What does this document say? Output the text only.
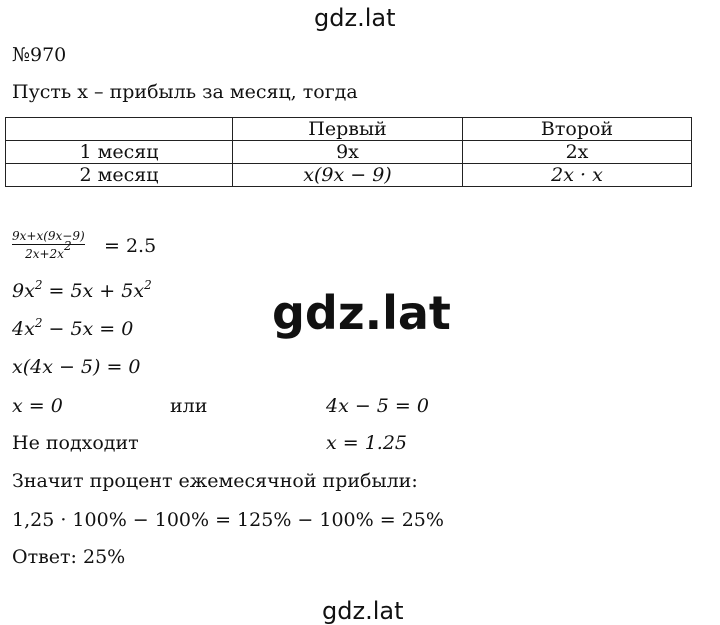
gdz.lat
№970
Пусть x – прибыль за месяц, тогда
	Первый	Второй
1 месяц	9x	2x
2 месяц	x(9x − 9)	2x · x
9x+x(9x−9)
$2x+2x^2$	= 2.5
$9x^2 = 5x + 5x^2$
$4x^2 - 5x = 0$
x(4x − 5) = 0
x = 0	или	4x − 5 = 0
Не подходит	x = 1.25
Значит процент ежемесячной прибыли:
1,25 · 100% − 100% = 125% − 100% = 25%
Ответ: 25%
gdz.lat
gdz.lat
